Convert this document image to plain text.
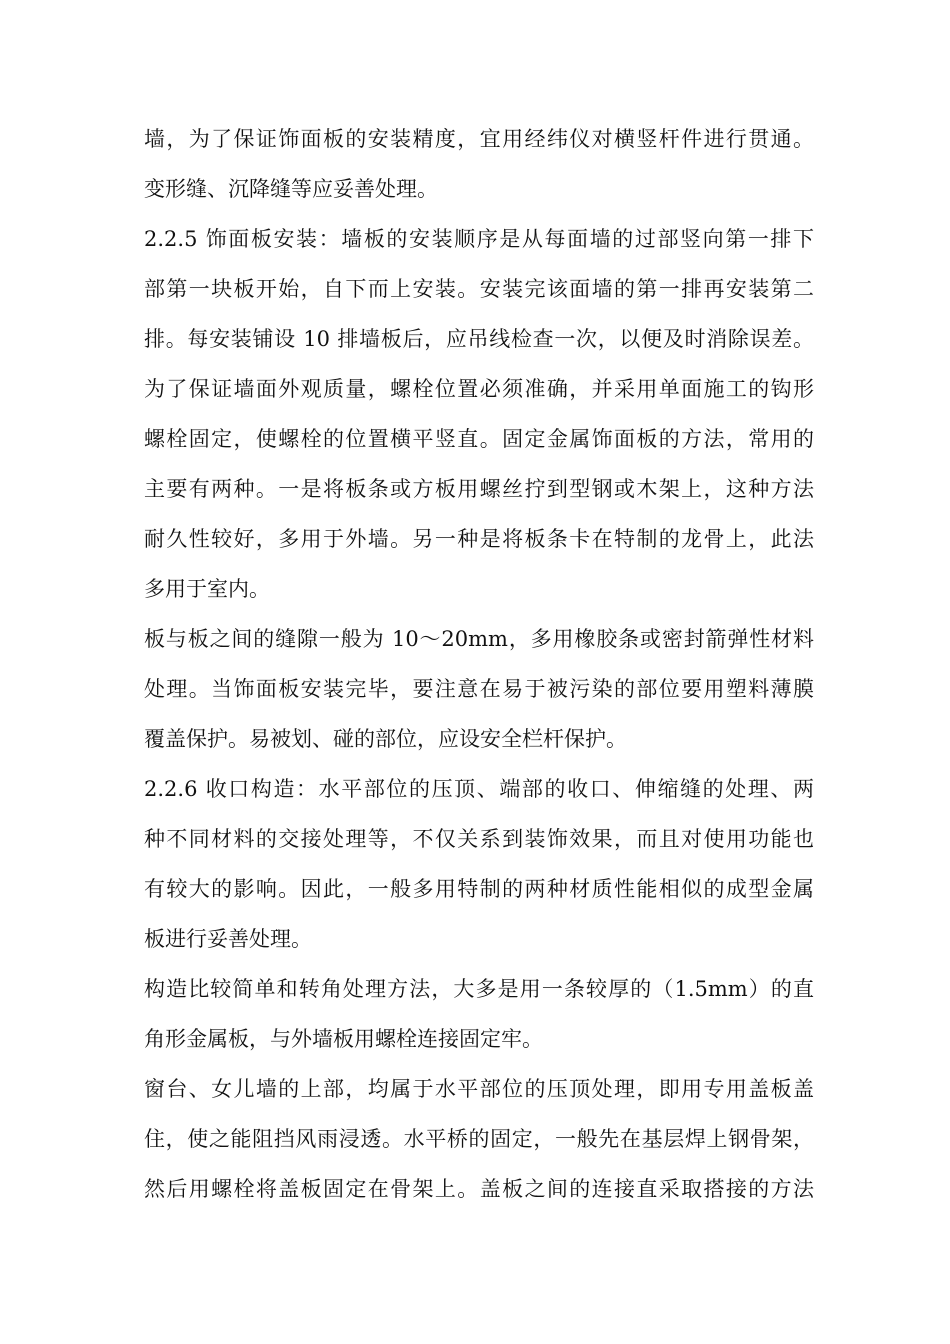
墙，为了保证饰面板的安装精度，宜用经纬仪对横竖杆件进行贯通。
变形缝、沉降缝等应妥善处理。
2.2.5 饰面板安装：墙板的安装顺序是从每面墙的过部竖向第一排下
部第一块板开始，自下而上安装。安装完该面墙的第一排再安装第二
排。每安装铺设 10 排墙板后，应吊线检查一次，以便及时消除误差。
为了保证墙面外观质量，螺栓位置必须准确，并采用单面施工的钩形
螺栓固定，使螺栓的位置横平竖直。固定金属饰面板的方法，常用的
主要有两种。一是将板条或方板用螺丝拧到型钢或木架上，这种方法
耐久性较好，多用于外墙。另一种是将板条卡在特制的龙骨上，此法
多用于室内。
板与板之间的缝隙一般为 10～20mm，多用橡胶条或密封箭弹性材料
处理。当饰面板安装完毕，要注意在易于被污染的部位要用塑料薄膜
覆盖保护。易被划、碰的部位，应设安全栏杆保护。
2.2.6 收口构造：水平部位的压顶、端部的收口、伸缩缝的处理、两
种不同材料的交接处理等，不仅关系到装饰效果，而且对使用功能也
有较大的影响。因此，一般多用特制的两种材质性能相似的成型金属
板进行妥善处理。
构造比较简单和转角处理方法，大多是用一条较厚的（1.5mm）的直
角形金属板，与外墙板用螺栓连接固定牢。
窗台、女儿墙的上部，均属于水平部位的压顶处理，即用专用盖板盖
住，使之能阻挡风雨浸透。水平桥的固定，一般先在基层焊上钢骨架，
然后用螺栓将盖板固定在骨架上。盖板之间的连接直采取搭接的方法
